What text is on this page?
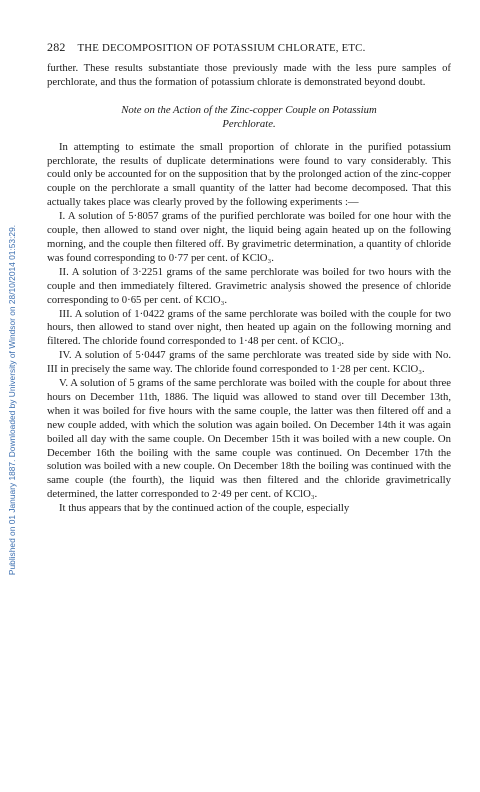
Published on 01 January 1887. Downloaded by University of Windsor on 28/10/2014 01:53:29.
282 THE DECOMPOSITION OF POTASSIUM CHLORATE, ETC.

further. These results substantiate those previously made with the less pure samples of perchlorate, and thus the formation of potassium chlorate is demonstrated beyond doubt.

Note on the Action of the Zinc-copper Couple on Potassium
Perchlorate.

In attempting to estimate the small proportion of chlorate in the purified potassium perchlorate, the results of duplicate determinations were found to vary considerably. This could only be accounted for on the supposition that by the prolonged action of the zinc-copper couple on the perchlorate a small quantity of the latter had become decomposed. That this actually takes place was clearly proved by the following experiments :—

I. A solution of 5·8057 grams of the purified perchlorate was boiled for one hour with the couple, then allowed to stand over night, the liquid being again heated up on the following morning, and the couple then filtered off. By gravimetric determination, a quantity of chloride was found corresponding to 0·77 per cent. of KClO₃.

II. A solution of 3·2251 grams of the same perchlorate was boiled for two hours with the couple and then immediately filtered. Gravimetric analysis showed the presence of chloride corresponding to 0·65 per cent. of KClO₃.

III. A solution of 1·0422 grams of the same perchlorate was boiled with the couple for two hours, then allowed to stand over night, then heated up again on the following morning and filtered. The chloride found corresponded to 1·48 per cent. of KClO₃.

IV. A solution of 5·0447 grams of the same perchlorate was treated side by side with No. III in precisely the same way. The chloride found corresponded to 1·28 per cent. KClO₃.

V. A solution of 5 grams of the same perchlorate was boiled with the couple for about three hours on December 11th, 1886. The liquid was allowed to stand over till December 13th, when it was boiled for five hours with the same couple, the latter was then filtered off and a new couple added, with which the solution was again boiled. On December 14th it was again boiled all day with the same couple. On December 15th it was boiled with a new couple. On December 16th the boiling with the same couple was continued. On December 17th the solution was boiled with a new couple. On December 18th the boiling was continued with the same couple (the fourth), the liquid was then filtered and the chloride gravimetrically determined, the latter corresponded to 2·49 per cent. of KClO₃.

It thus appears that by the continued action of the couple, especially
